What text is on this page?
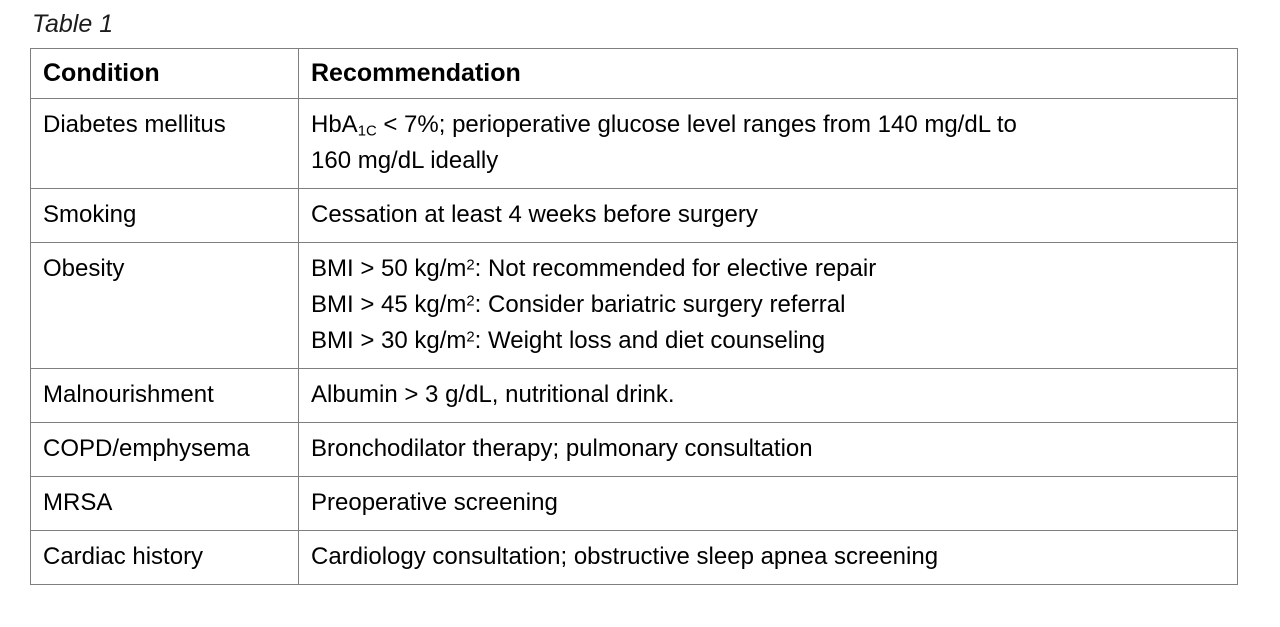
Table 1
Condition	Recommendation
Diabetes mellitus	HbA$_{1C}$ < 7%; perioperative glucose level ranges from 140 mg/dL to
160 mg/dL ideally
Smoking	Cessation at least 4 weeks before surgery
Obesity	BMI > 50 $kg/m^2$: Not recommended for elective repair
BMI > 45 $kg/m^2$: Consider bariatric surgery referral
BMI > 30 $kg/m^2$: Weight loss and diet counseling
Malnourishment	Albumin > 3 g/dL, nutritional drink.
COPD/emphysema	Bronchodilator therapy; pulmonary consultation
MRSA	Preoperative screening
Cardiac history	Cardiology consultation; obstructive sleep apnea screening
